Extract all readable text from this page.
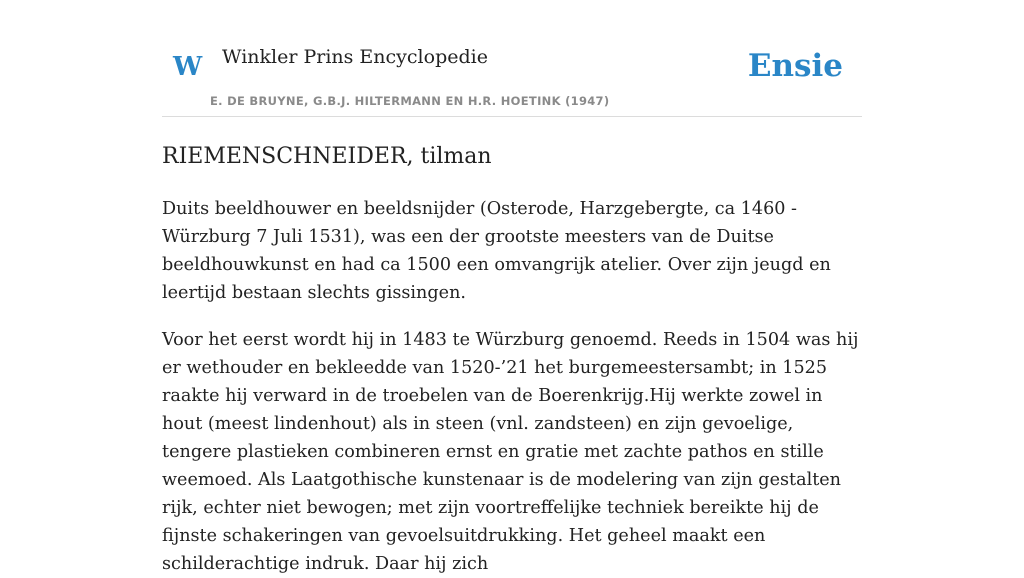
W Winkler Prins Encyclopedie
E. DE BRUYNE, G.B.J. HILTERMANN EN H.R. HOETINK (1947)
Ensie
RIEMENSCHNEIDER, tilman

Duits beeldhouwer en beeldsnijder (Osterode, Harzgebergte, ca 1460 - Würzburg 7 Juli 1531), was een der grootste meesters van de Duitse beeldhouwkunst en had ca 1500 een omvangrijk atelier. Over zijn jeugd en leertijd bestaan slechts gissingen.

Voor het eerst wordt hij in 1483 te Würzburg genoemd. Reeds in 1504 was hij er wethouder en bekleedde van 1520-’21 het burgemeestersambt; in 1525 raakte hij verward in de troebelen van de Boerenkrijg.Hij werkte zowel in hout (meest lindenhout) als in steen (vnl. zandsteen) en zijn gevoelige, tengere plastieken combineren ernst en gratie met zachte pathos en stille weemoed. Als Laatgothische kunstenaar is de modelering van zijn gestalten rijk, echter niet bewogen; met zijn voortreffelijke techniek bereikte hij de fijnste schakeringen van gevoelsuitdrukking. Het geheel maakt een schilderachtige indruk. Daar hij zich
